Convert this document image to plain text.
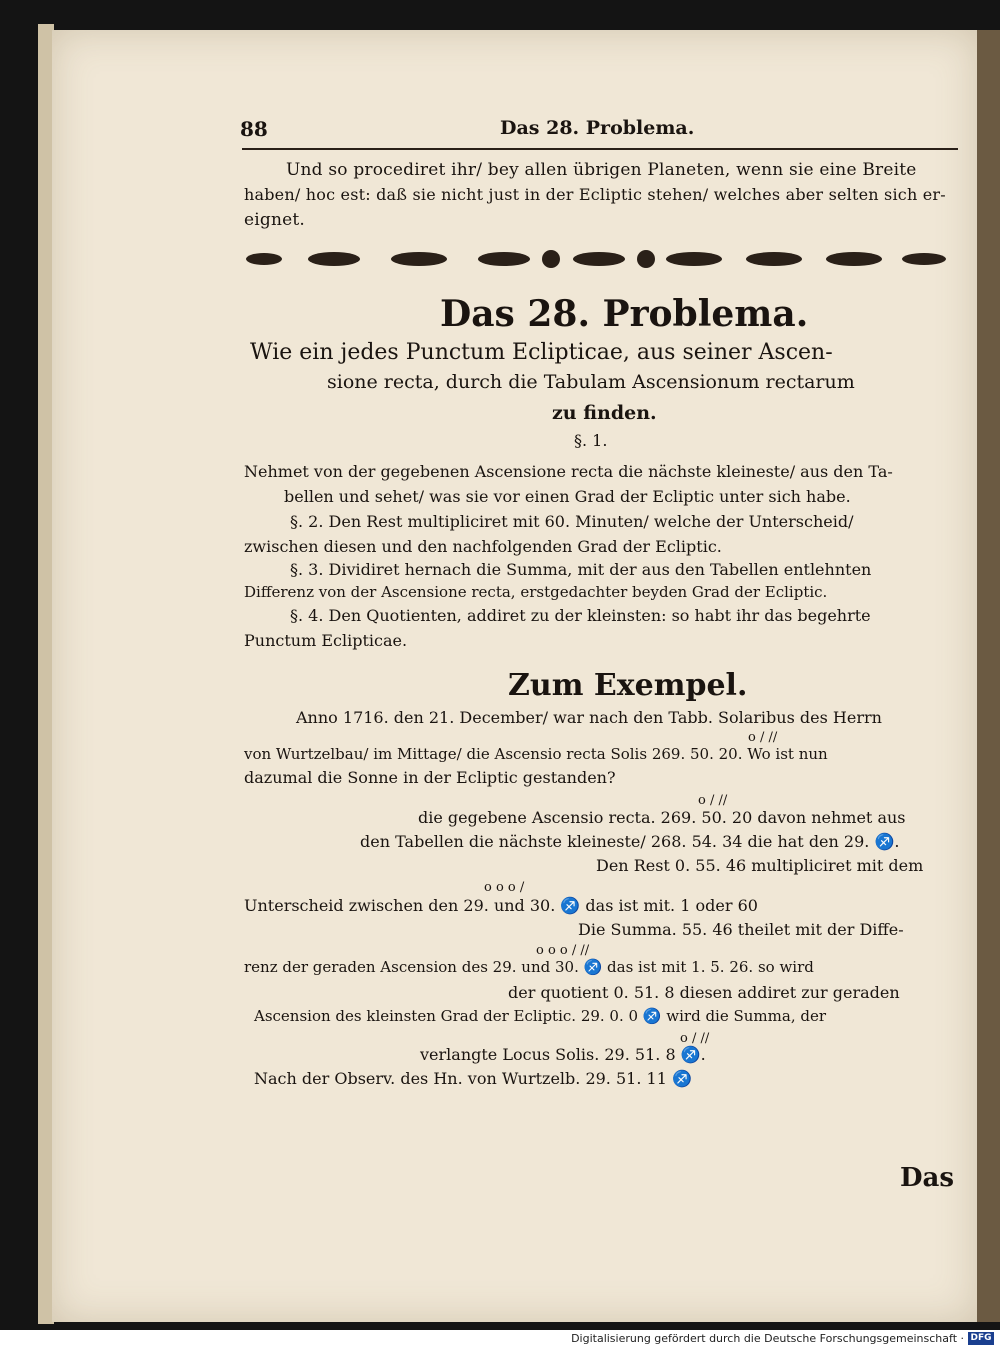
88	Das 28. Problema.
Und so procediret ihr/ bey allen übrigen Planeten, wenn sie eine Breite
haben/ hoc est: daß sie nicht just in der Ecliptic stehen/ welches aber selten sich er-
eignet.
Das 28. Problema.
Wie ein jedes Punctum Eclipticae, aus seiner Ascen-
sione recta, durch die Tabulam Ascensionum rectarum
zu finden.
§. 1.
Nehmet von der gegebenen Ascensione recta die nächste kleineste/ aus den Ta-
bellen und sehet/ was sie vor einen Grad der Ecliptic unter sich habe.
§. 2. Den Rest multipliciret mit 60. Minuten/ welche der Unterscheid/
zwischen diesen und den nachfolgenden Grad der Ecliptic.
§. 3. Dividiret hernach die Summa, mit der aus den Tabellen entlehnten
Differenz von der Ascensione recta, erstgedachter beyden Grad der Ecliptic.
§. 4. Den Quotienten, addiret zu der kleinsten: so habt ihr das begehrte
Punctum Eclipticae.
Zum Exempel.
Anno 1716. den 21. December/ war nach den Tabb. Solaribus des Herrn
o / //
von Wurtzelbau/ im Mittage/ die Ascensio recta Solis 269. 50. 20. Wo ist nun
dazumal die Sonne in der Ecliptic gestanden?
o / //
die gegebene Ascensio recta. 269. 50. 20 davon nehmet aus
den Tabellen die nächste kleineste/ 268. 54. 34 die hat den 29. ♐.
Den Rest 0. 55. 46 multipliciret mit dem
o o o /
Unterscheid zwischen den 29. und 30. ♐ das ist mit. 1 oder 60
Die Summa. 55. 46 theilet mit der Diffe-
o o o / //
renz der geraden Ascension des 29. und 30. ♐ das ist mit 1. 5. 26. so wird
der quotient 0. 51. 8 diesen addiret zur geraden
Ascension des kleinsten Grad der Ecliptic. 29. 0. 0 ♐ wird die Summa, der
o / //
verlangte Locus Solis. 29. 51. 8 ♐.
Nach der Observ. des Hn. von Wurtzelb. 29. 51. 11 ♐
Das
Digitalisierung gefördert durch die Deutsche Forschungsgemeinschaft · DFG
